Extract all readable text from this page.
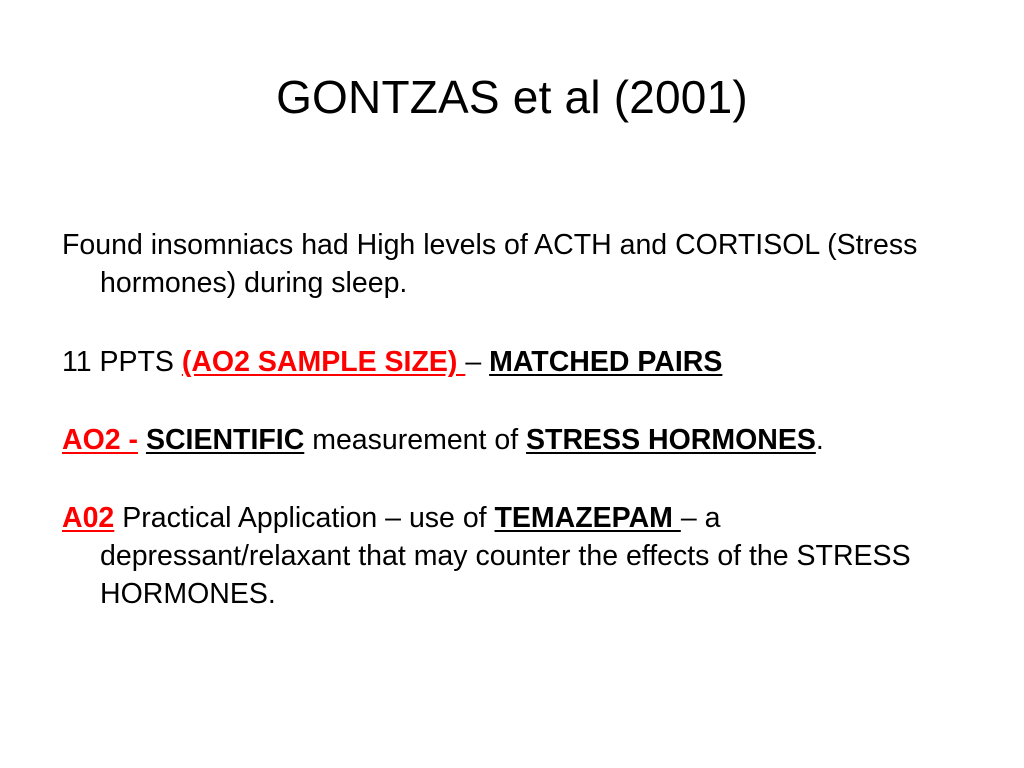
GONTZAS et al (2001)

Found insomniacs had High levels of ACTH and CORTISOL (Stress hormones) during sleep.

11 PPTS (AO2 SAMPLE SIZE) – MATCHED PAIRS

AO2 - SCIENTIFIC measurement of STRESS HORMONES.

A02 Practical Application – use of TEMAZEPAM – a depressant/relaxant that may counter the effects of the STRESS HORMONES.
